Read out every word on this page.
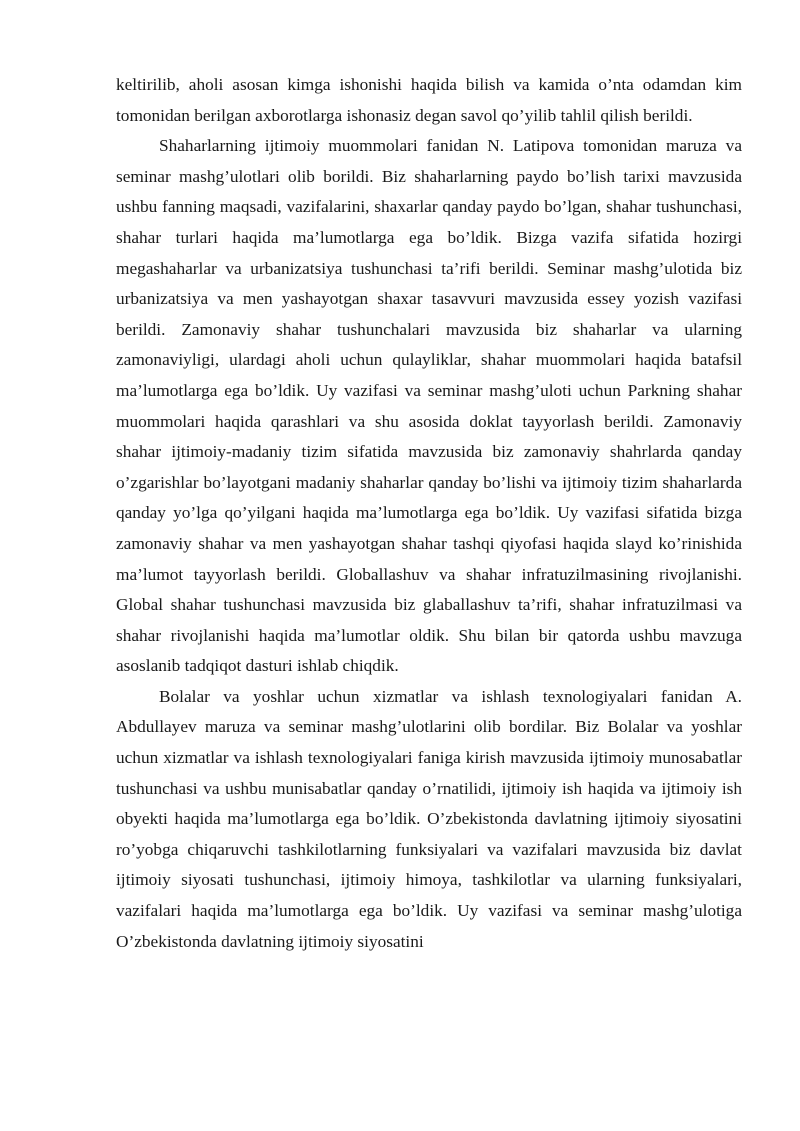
keltirilib, aholi asosan kimga ishonishi haqida bilish va kamida o’nta odamdan kim tomonidan berilgan axborotlarga ishonasiz degan savol qo’yilib tahlil qilish berildi.

Shaharlarning ijtimoiy muommolari fanidan N. Latipova tomonidan maruza va seminar mashg’ulotlari olib borildi. Biz shaharlarning paydo bo’lish tarixi mavzusida ushbu fanning maqsadi, vazifalarini, shaxarlar qanday paydo bo’lgan, shahar tushunchasi, shahar turlari haqida ma’lumotlarga ega bo’ldik. Bizga vazifa sifatida hozirgi megashaharlar va urbanizatsiya tushunchasi ta’rifi berildi. Seminar mashg’ulotida biz urbanizatsiya va men yashayotgan shaxar tasavvuri mavzusida essey yozish vazifasi berildi. Zamonaviy shahar tushunchalari mavzusida biz shaharlar va ularning zamonaviyligi, ulardagi aholi uchun qulayliklar, shahar muommolari haqida batafsil ma’lumotlarga ega bo’ldik. Uy vazifasi va seminar mashg’uloti uchun Parkning shahar muommolari haqida qarashlari va shu asosida doklat tayyorlash berildi. Zamonaviy shahar ijtimoiy-madaniy tizim sifatida mavzusida biz zamonaviy shahrlarda qanday o’zgarishlar bo’layotgani madaniy shaharlar qanday bo’lishi va ijtimoiy tizim shaharlarda qanday yo’lga qo’yilgani haqida ma’lumotlarga ega bo’ldik. Uy vazifasi sifatida bizga zamonaviy shahar va men yashayotgan shahar tashqi qiyofasi haqida slayd ko’rinishida ma’lumot tayyorlash berildi. Globallashuv va shahar infratuzilmasining rivojlanishi. Global shahar tushunchasi mavzusida biz glaballashuv ta’rifi, shahar infratuzilmasi va shahar rivojlanishi haqida ma’lumotlar oldik. Shu bilan bir qatorda ushbu mavzuga asoslanib tadqiqot dasturi ishlab chiqdik.

Bolalar va yoshlar uchun xizmatlar va ishlash texnologiyalari fanidan A. Abdullayev maruza va seminar mashg’ulotlarini olib bordilar. Biz Bolalar va yoshlar uchun xizmatlar va ishlash texnologiyalari faniga kirish mavzusida ijtimoiy munosabatlar tushunchasi va ushbu munisabatlar qanday o’rnatilidi, ijtimoiy ish haqida va ijtimoiy ish obyekti haqida ma’lumotlarga ega bo’ldik. O’zbekistonda davlatning ijtimoiy siyosatini ro’yobga chiqaruvchi tashkilotlarning funksiyalari va vazifalari mavzusida biz davlat ijtimoiy siyosati tushunchasi, ijtimoiy himoya, tashkilotlar va ularning funksiyalari, vazifalari haqida ma’lumotlarga ega bo’ldik. Uy vazifasi va seminar mashg’ulotiga O’zbekistonda davlatning ijtimoiy siyosatini
